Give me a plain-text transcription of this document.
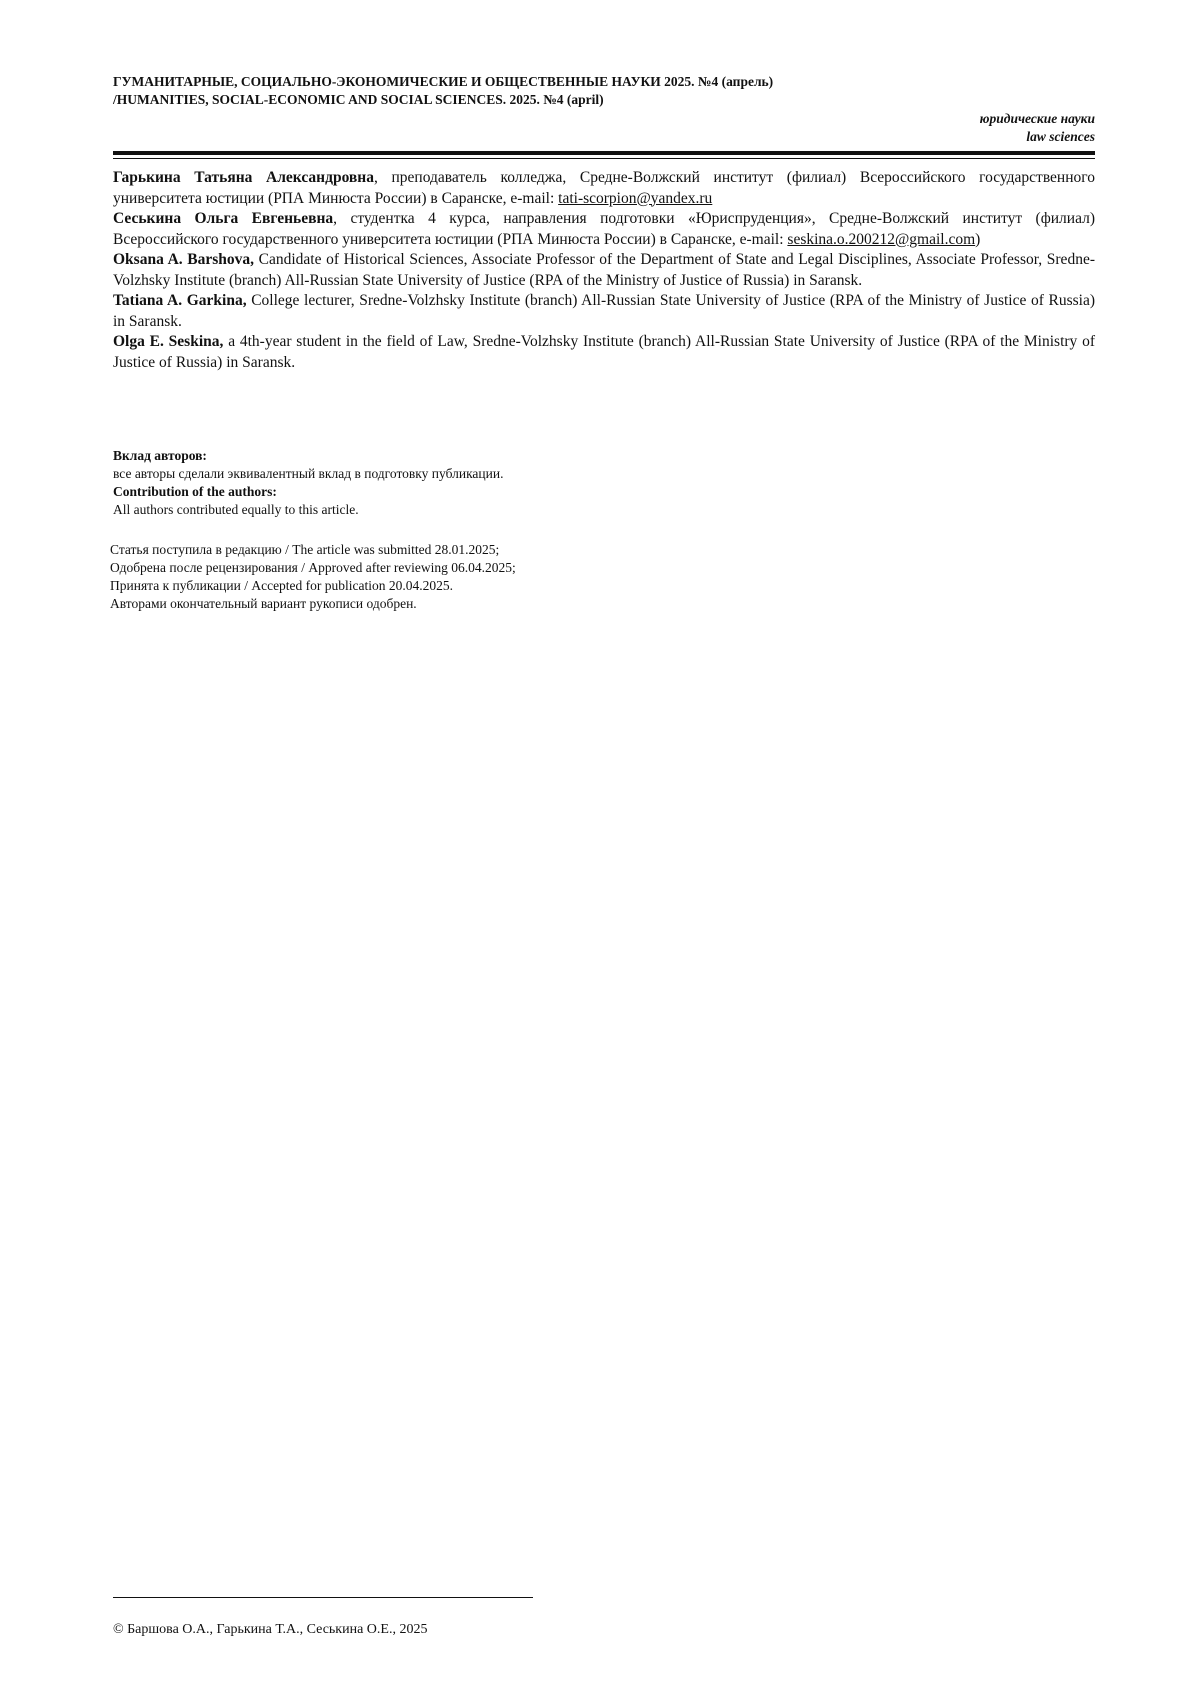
ГУМАНИТАРНЫЕ, СОЦИАЛЬНО-ЭКОНОМИЧЕСКИЕ И ОБЩЕСТВЕННЫЕ НАУКИ 2025. №4 (апрель)
/HUMANITIES, SOCIAL-ECONOMIC AND SOCIAL SCIENCES. 2025. №4 (april)
юридические науки
law sciences

Гарькина Татьяна Александровна, преподаватель колледжа, Средне-Волжский институт (филиал) Всероссийского государственного университета юстиции (РПА Минюста России) в Саранске, e-mail: tati-scorpion@yandex.ru

Сеськина Ольга Евгеньевна, студентка 4 курса, направления подготовки «Юриспруденция», Средне-Волжский институт (филиал) Всероссийского государственного университета юстиции (РПА Минюста России) в Саранске, e-mail: seskina.o.200212@gmail.com)

Oksana A. Barshova, Candidate of Historical Sciences, Associate Professor of the Department of State and Legal Disciplines, Associate Professor, Sredne-Volzhsky Institute (branch) All-Russian State University of Justice (RPA of the Ministry of Justice of Russia) in Saransk.

Tatiana A. Garkina, College lecturer, Sredne-Volzhsky Institute (branch) All-Russian State University of Justice (RPA of the Ministry of Justice of Russia) in Saransk.

Olga E. Seskina, a 4th-year student in the field of Law, Sredne-Volzhsky Institute (branch) All-Russian State University of Justice (RPA of the Ministry of Justice of Russia) in Saransk.

Вклад авторов:

все авторы сделали эквивалентный вклад в подготовку публикации.

Contribution of the authors:

All authors contributed equally to this article.

Статья поступила в редакцию / The article was submitted 28.01.2025;

Одобрена после рецензирования / Approved after reviewing 06.04.2025;

Принята к публикации / Accepted for publication 20.04.2025.

Авторами окончательный вариант рукописи одобрен.

© Баршова О.А., Гарькина Т.А., Сеськина О.Е., 2025
